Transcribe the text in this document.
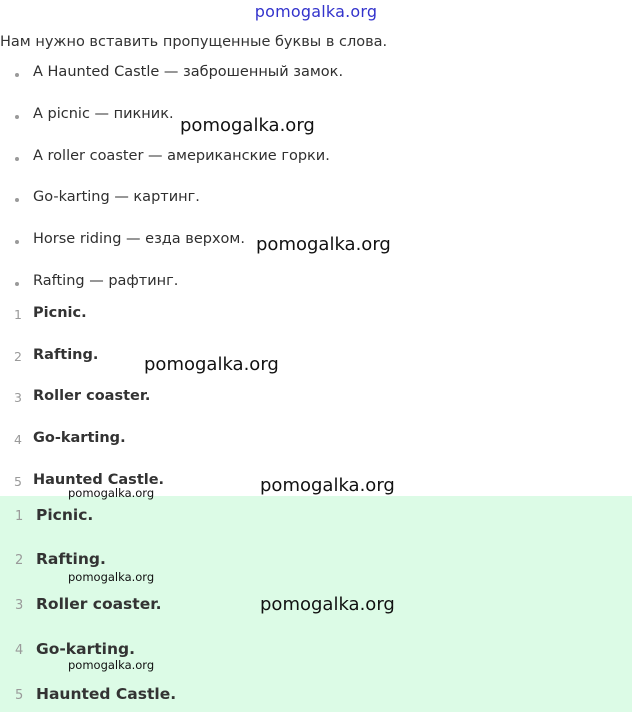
pomogalka.org
Нам нужно вставить пропущенные буквы в слова.
A Haunted Castle — заброшенный замок.
A picnic — пикник.
A roller coaster — американские горки.
Go-karting — картинг.
Horse riding — езда верхом.
Rafting — рафтинг.
1 Picnic.
2 Rafting.
3 Roller coaster.
4 Go-karting.
5 Haunted Castle.
1 Picnic.
2 Rafting.
3 Roller coaster.
4 Go-karting.
5 Haunted Castle.
pomogalka.org
pomogalka.org
pomogalka.org
pomogalka.org
pomogalka.org
pomogalka.org
pomogalka.org
pomogalka.org
